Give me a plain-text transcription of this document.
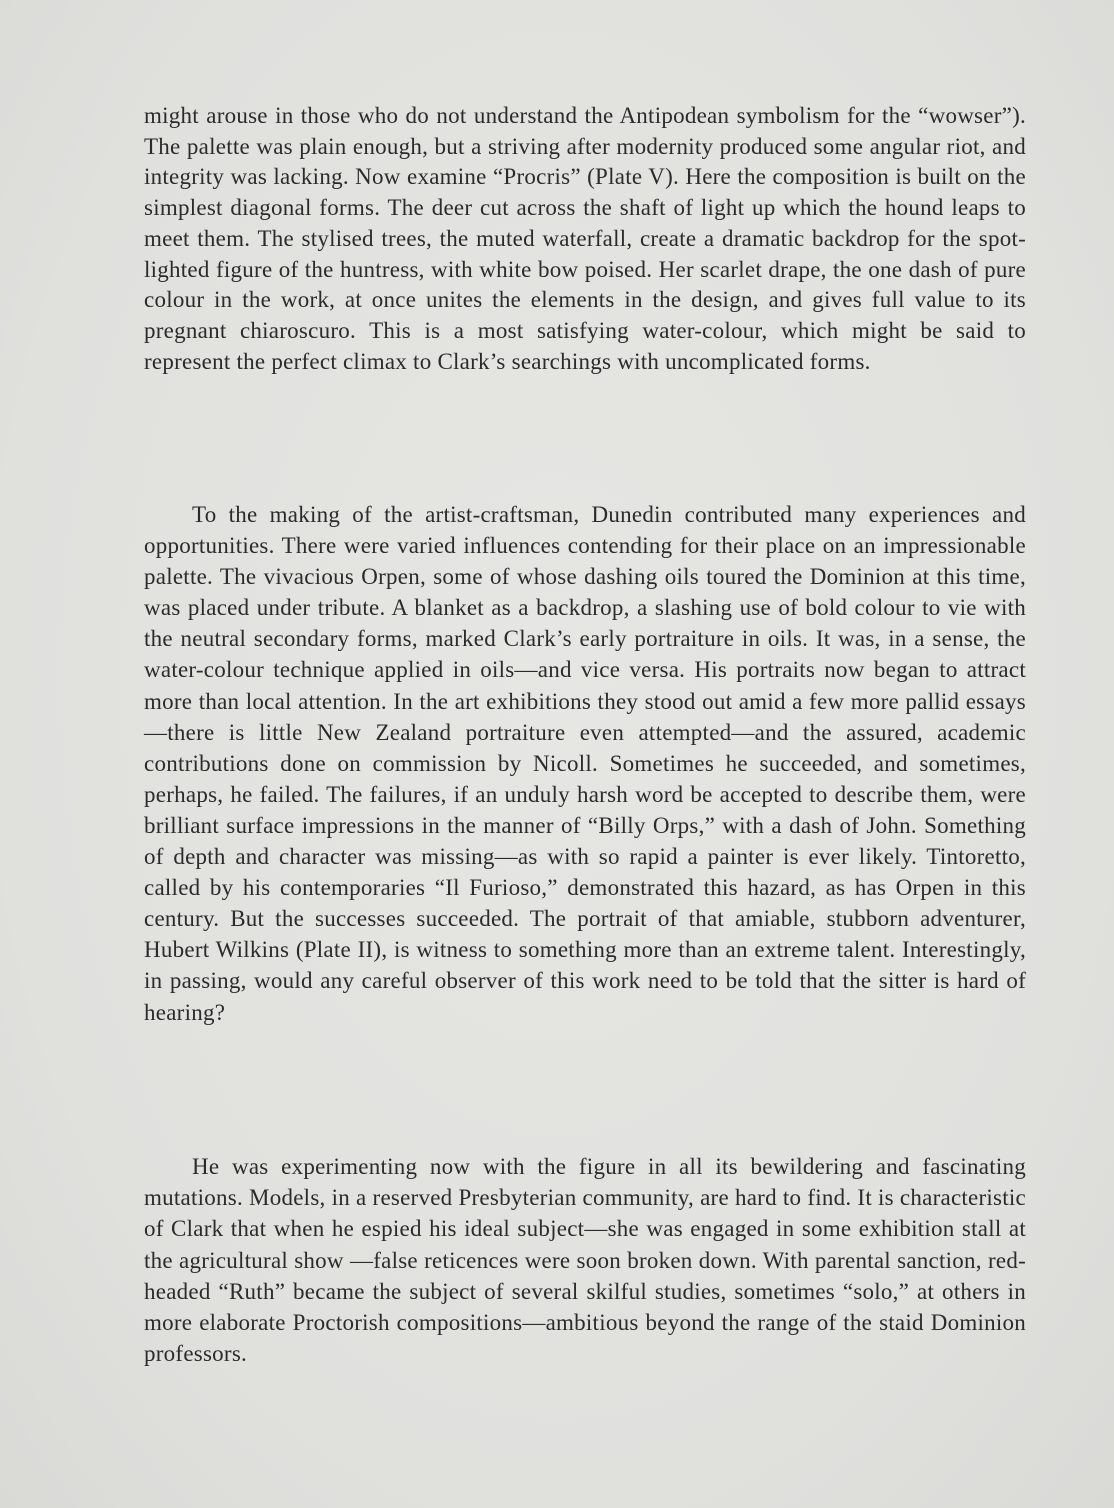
might arouse in those who do not understand the Antipodean symbolism for the “wowser”). The palette was plain enough, but a striving after modernity produced some angular riot, and integrity was lacking. Now examine “Procris” (Plate V). Here the composition is built on the simplest diagonal forms. The deer cut across the shaft of light up which the hound leaps to meet them. The stylised trees, the muted waterfall, create a dramatic backdrop for the spot-lighted figure of the huntress, with white bow poised. Her scarlet drape, the one dash of pure colour in the work, at once unites the elements in the design, and gives full value to its pregnant chiaroscuro. This is a most satisfying water-colour, which might be said to represent the perfect climax to Clark’s searchings with uncomplicated forms.

To the making of the artist-craftsman, Dunedin contributed many experiences and opportunities. There were varied influences contending for their place on an impressionable palette. The vivacious Orpen, some of whose dashing oils toured the Dominion at this time, was placed under tribute. A blanket as a backdrop, a slashing use of bold colour to vie with the neutral secondary forms, marked Clark’s early portraiture in oils. It was, in a sense, the water-colour technique applied in oils—and vice versa. His portraits now began to attract more than local attention. In the art exhibitions they stood out amid a few more pallid essays—there is little New Zealand portraiture even attempted—and the assured, academic contributions done on commission by Nicoll. Sometimes he succeeded, and sometimes, perhaps, he failed. The failures, if an unduly harsh word be accepted to describe them, were brilliant surface impressions in the manner of “Billy Orps,” with a dash of John. Something of depth and character was missing—as with so rapid a painter is ever likely. Tintoretto, called by his contemporaries “Il Furioso,” demonstrated this hazard, as has Orpen in this century. But the successes succeeded. The portrait of that amiable, stubborn adventurer, Hubert Wilkins (Plate II), is witness to something more than an extreme talent. Interestingly, in passing, would any careful observer of this work need to be told that the sitter is hard of hearing?

He was experimenting now with the figure in all its bewildering and fascinating mutations. Models, in a reserved Presbyterian community, are hard to find. It is characteristic of Clark that when he espied his ideal subject—she was engaged in some exhibition stall at the agricultural show —false reticences were soon broken down. With parental sanction, red-headed “Ruth” became the subject of several skilful studies, sometimes “solo,” at others in more elaborate Proctorish compositions—ambitious beyond the range of the staid Dominion professors.
